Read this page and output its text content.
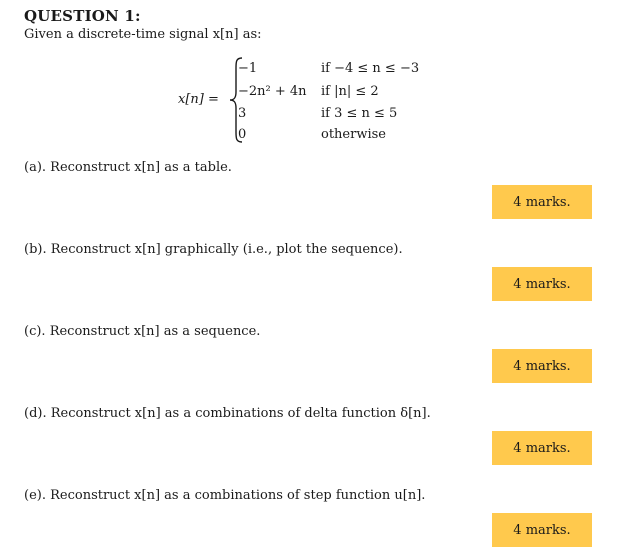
QUESTION 1:
Given a discrete-time signal x[n] as:
x[n] =
−1	if −4 ≤ n ≤ −3
−2n² + 4n if |n| ≤ 2
3	if 3 ≤ n ≤ 5
0	otherwise
(a). Reconstruct x[n] as a table.
4 marks.
(b). Reconstruct x[n] graphically (i.e., plot the sequence).
4 marks.
(c). Reconstruct x[n] as a sequence.
4 marks.
(d). Reconstruct x[n] as a combinations of delta function δ[n].
4 marks.
(e). Reconstruct x[n] as a combinations of step function u[n].
4 marks.
